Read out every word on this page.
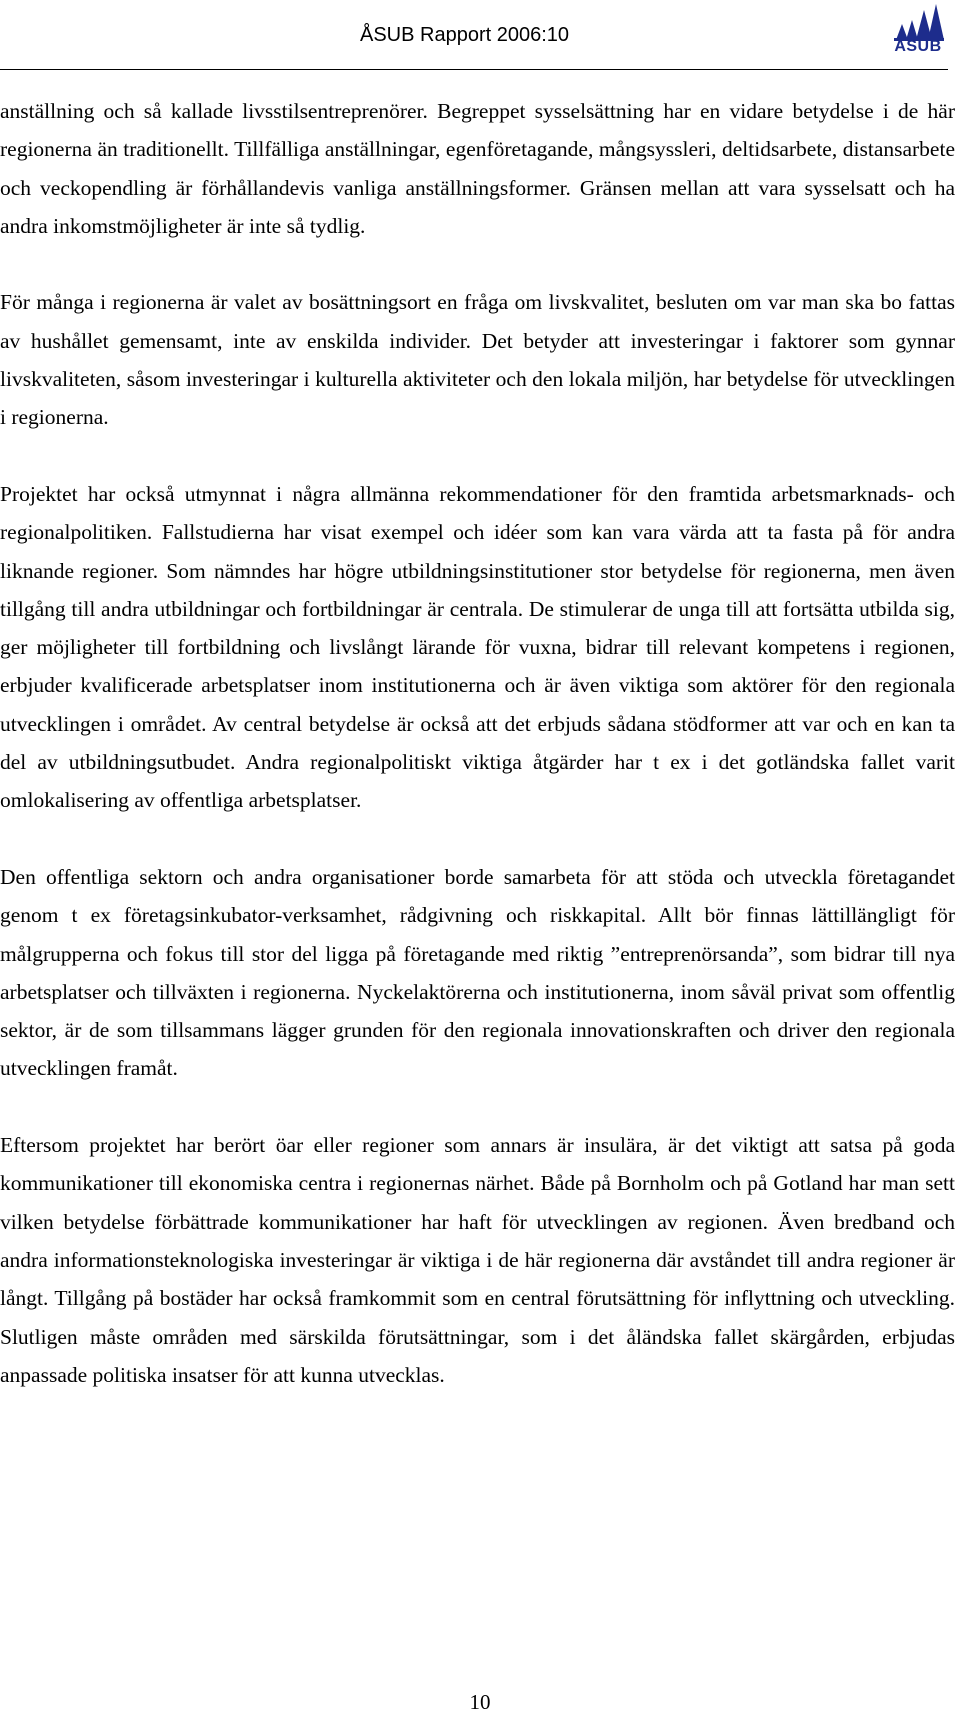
ÅSUB Rapport 2006:10
ÅSUB

anställning och så kallade livsstilsentreprenörer. Begreppet sysselsättning har en vidare betydelse i de här regionerna än traditionellt. Tillfälliga anställningar, egenföretagande, mångsyssleri, deltidsarbete, distansarbete och veckopendling är förhållandevis vanliga anställningsformer. Gränsen mellan att vara sysselsatt och ha andra inkomstmöjligheter är inte så tydlig.

För många i regionerna är valet av bosättningsort en fråga om livskvalitet, besluten om var man ska bo fattas av hushållet gemensamt, inte av enskilda individer. Det betyder att investeringar i faktorer som gynnar livskvaliteten, såsom investeringar i kulturella aktiviteter och den lokala miljön, har betydelse för utvecklingen i regionerna.

Projektet har också utmynnat i några allmänna rekommendationer för den framtida arbetsmarknads- och regionalpolitiken. Fallstudierna har visat exempel och idéer som kan vara värda att ta fasta på för andra liknande regioner. Som nämndes har högre utbildningsinstitutioner stor betydelse för regionerna, men även tillgång till andra utbildningar och fortbildningar är centrala. De stimulerar de unga till att fortsätta utbilda sig, ger möjligheter till fortbildning och livslångt lärande för vuxna, bidrar till relevant kompetens i regionen, erbjuder kvalificerade arbetsplatser inom institutionerna och är även viktiga som aktörer för den regionala utvecklingen i området. Av central betydelse är också att det erbjuds sådana stödformer att var och en kan ta del av utbildningsutbudet. Andra regionalpolitiskt viktiga åtgärder har t ex i det gotländska fallet varit omlokalisering av offentliga arbetsplatser.

Den offentliga sektorn och andra organisationer borde samarbeta för att stöda och utveckla företagandet genom t ex företagsinkubator-verksamhet, rådgivning och riskkapital. Allt bör finnas lättillängligt för målgrupperna och fokus till stor del ligga på företagande med riktig ”entreprenörsanda”, som bidrar till nya arbetsplatser och tillväxten i regionerna. Nyckelaktörerna och institutionerna, inom såväl privat som offentlig sektor, är de som tillsammans lägger grunden för den regionala innovationskraften och driver den regionala utvecklingen framåt.

Eftersom projektet har berört öar eller regioner som annars är insulära, är det viktigt att satsa på goda kommunikationer till ekonomiska centra i regionernas närhet. Både på Bornholm och på Gotland har man sett vilken betydelse förbättrade kommunikationer har haft för utvecklingen av regionen. Även bredband och andra informationsteknologiska investeringar är viktiga i de här regionerna där avståndet till andra regioner är långt. Tillgång på bostäder har också framkommit som en central förutsättning för inflyttning och utveckling. Slutligen måste områden med särskilda förutsättningar, som i det åländska fallet skärgården, erbjudas anpassade politiska insatser för att kunna utvecklas.

10
